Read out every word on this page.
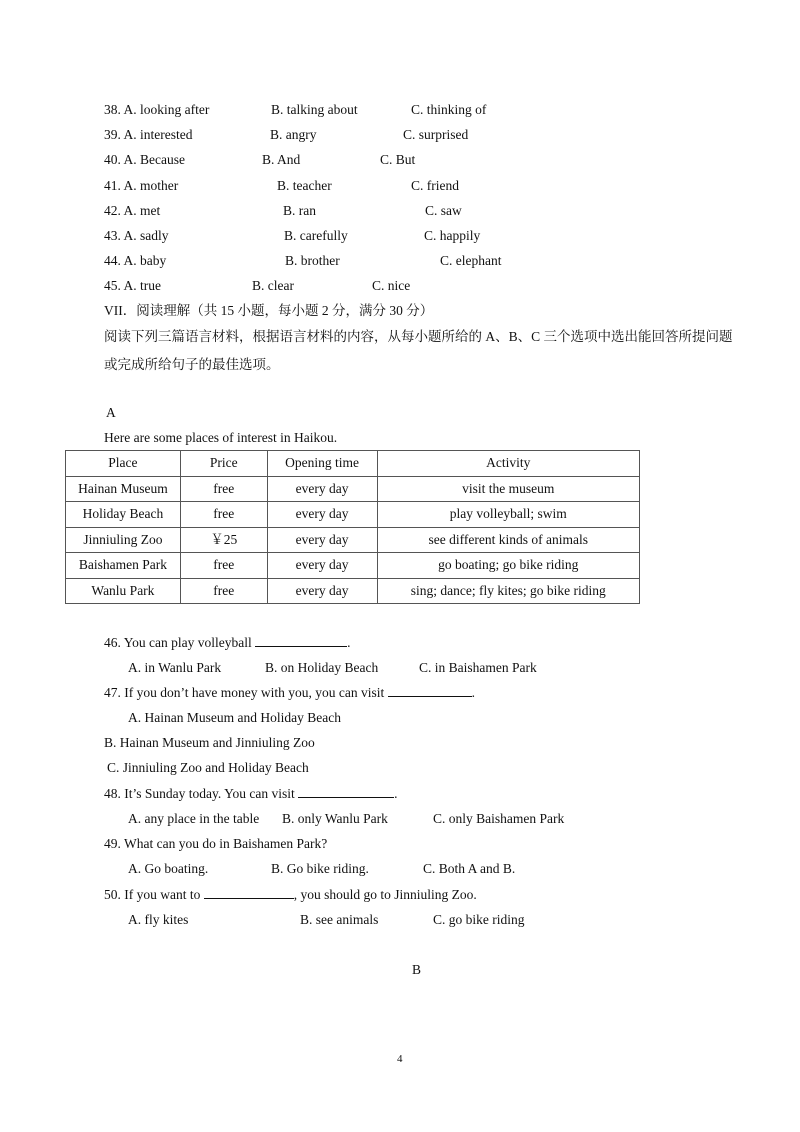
38. A. looking after	B. talking about	C. thinking of
39. A. interested	B. angry	C. surprised
40. A. Because	B. And	C. But
41. A. mother	B. teacher	C. friend
42. A. met	B. ran	C. saw
43. A. sadly	B. carefully	C. happily
44. A. baby	B. brother	C. elephant
45. A. true	B. clear	C. nice
VII．阅读理解（共 15 小题，每小题 2 分，满分 30 分）
阅读下列三篇语言材料，根据语言材料的内容，从每小题所给的 A、B、C 三个选项中选出能回答所提问题或完成所给句子的最佳选项。
A
Here are some places of interest in Haikou.
Place	Price	Opening time	Activity
Hainan Museum	free	every day	visit the museum
Holiday Beach	free	every day	play volleyball; swim
Jinniuling Zoo	￥25	every day	see different kinds of animals
Baishamen Park	free	every day	go boating; go bike riding
Wanlu Park	free	every day	sing; dance; fly kites; go bike riding
46. You can play volleyball	.
A. in Wanlu Park	B. on Holiday Beach	C. in Baishamen Park
47. If you don’t have money with you, you can visit	.
A. Hainan Museum and Holiday Beach
B. Hainan Museum and Jinniuling Zoo
C. Jinniuling Zoo and Holiday Beach
48. It’s Sunday today. You can visit	.
A. any place in the table B. only Wanlu Park	C. only Baishamen Park
49. What can you do in Baishamen Park?
A. Go boating.	B. Go bike riding.	C. Both A and B.
50. If you want to	, you should go to Jinniuling Zoo.
A. fly kites	B. see animals	C. go bike riding
B
4
